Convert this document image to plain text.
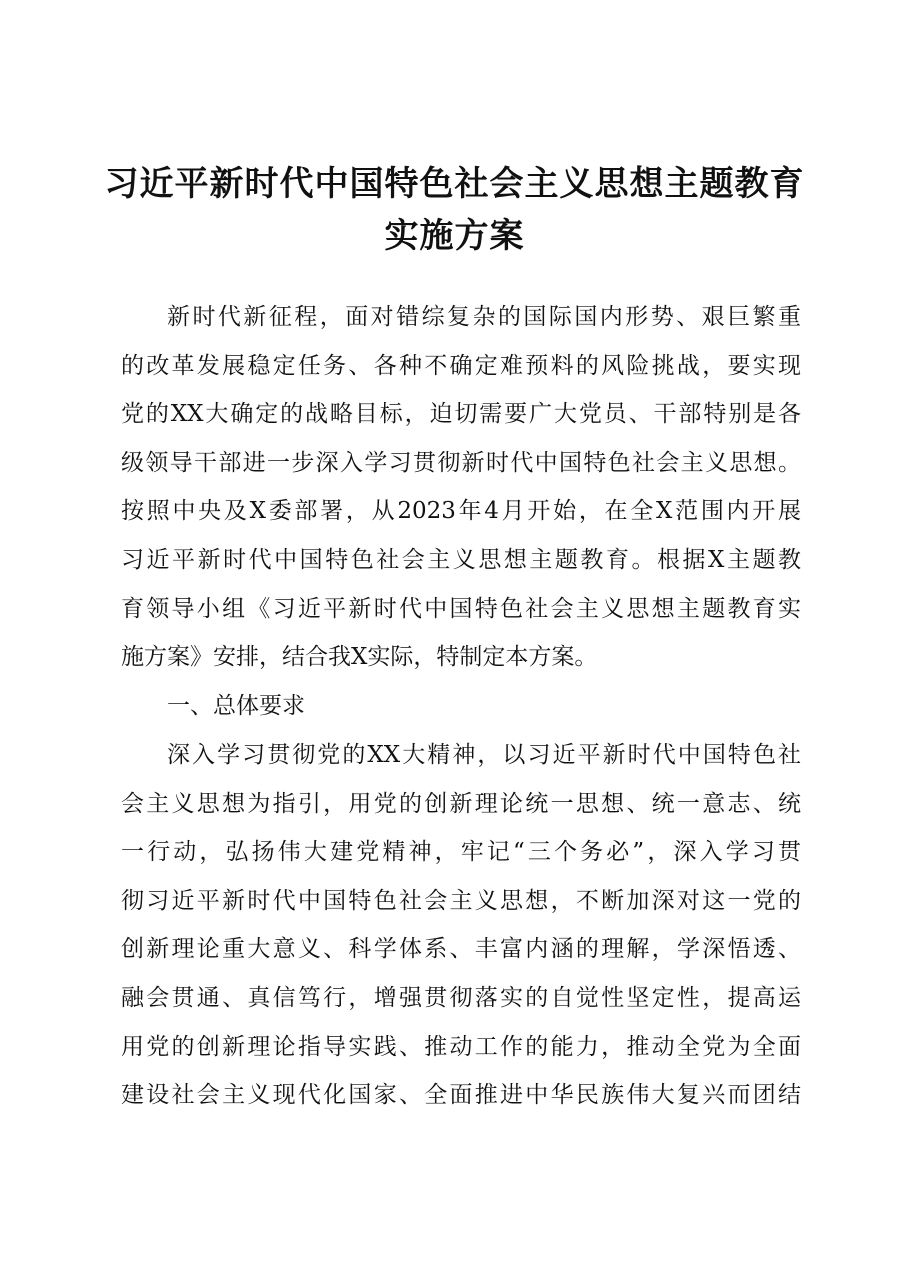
习近平新时代中国特色社会主义思想主题教育
实施方案
新时代新征程，面对错综复杂的国际国内形势、艰巨繁重
的改革发展稳定任务、各种不确定难预料的风险挑战，要实现
党的XX大确定的战略目标，迫切需要广大党员、干部特别是各
级领导干部进一步深入学习贯彻新时代中国特色社会主义思想。
按照中央及X委部署，从2023年4月开始，在全X范围内开展
习近平新时代中国特色社会主义思想主题教育。根据X主题教
育领导小组《习近平新时代中国特色社会主义思想主题教育实
施方案》安排，结合我X实际，特制定本方案。
一、总体要求
深入学习贯彻党的XX大精神，以习近平新时代中国特色社
会主义思想为指引，用党的创新理论统一思想、统一意志、统
一行动，弘扬伟大建党精神，牢记“三个务必”，深入学习贯
彻习近平新时代中国特色社会主义思想，不断加深对这一党的
创新理论重大意义、科学体系、丰富内涵的理解，学深悟透、
融会贯通、真信笃行，增强贯彻落实的自觉性坚定性，提高运
用党的创新理论指导实践、推动工作的能力，推动全党为全面
建设社会主义现代化国家、全面推进中华民族伟大复兴而团结
